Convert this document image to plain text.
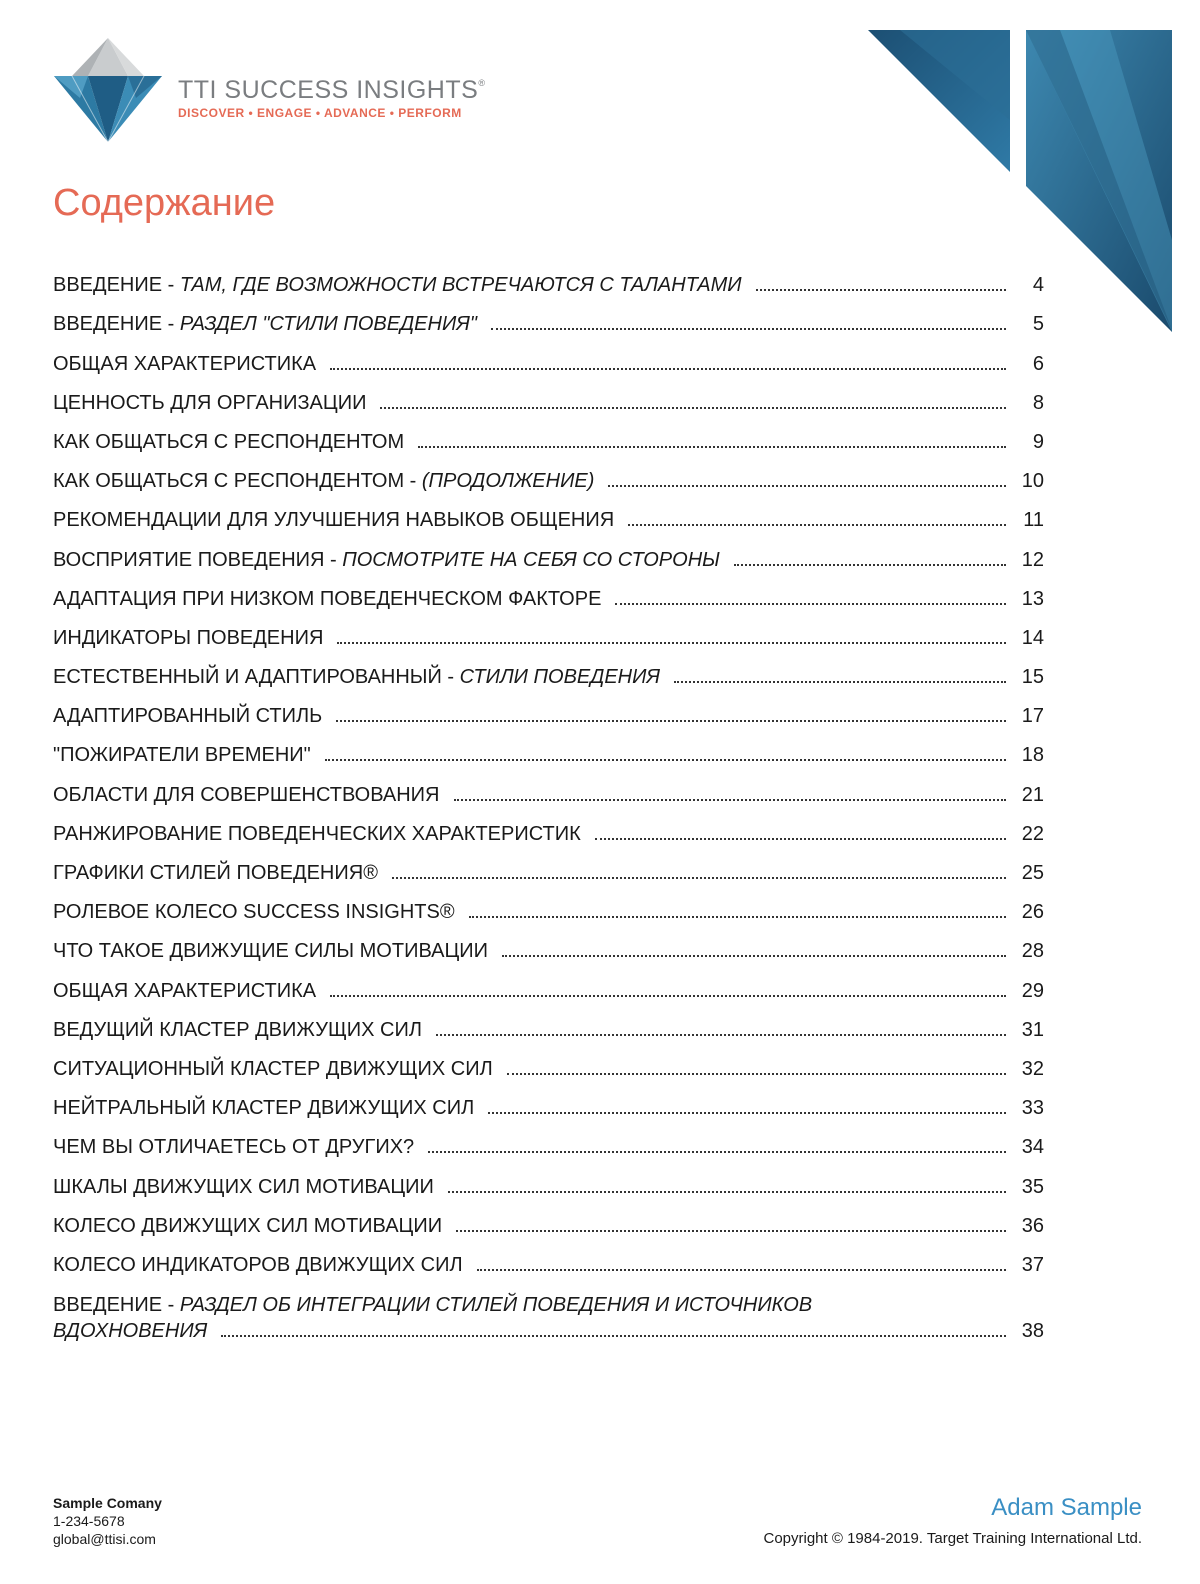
TTI SUCCESS INSIGHTS®
DISCOVER • ENGAGE • ADVANCE • PERFORM
Содержание
ВВЕДЕНИЕ - ТАМ, ГДЕ ВОЗМОЖНОСТИ ВСТРЕЧАЮТСЯ С ТАЛАНТАМИ	4
ВВЕДЕНИЕ - РАЗДЕЛ "СТИЛИ ПОВЕДЕНИЯ"	5
ОБЩАЯ ХАРАКТЕРИСТИКА	6
ЦЕННОСТЬ ДЛЯ ОРГАНИЗАЦИИ	8
КАК ОБЩАТЬСЯ С РЕСПОНДЕНТОМ	9
КАК ОБЩАТЬСЯ С РЕСПОНДЕНТОМ - (ПРОДОЛЖЕНИЕ)	10
РЕКОМЕНДАЦИИ ДЛЯ УЛУЧШЕНИЯ НАВЫКОВ ОБЩЕНИЯ	11
ВОСПРИЯТИЕ ПОВЕДЕНИЯ - ПОСМОТРИТЕ НА СЕБЯ СО СТОРОНЫ	12
АДАПТАЦИЯ ПРИ НИЗКОМ ПОВЕДЕНЧЕСКОМ ФАКТОРЕ	13
ИНДИКАТОРЫ ПОВЕДЕНИЯ	14
ЕСТЕСТВЕННЫЙ И АДАПТИРОВАННЫЙ - СТИЛИ ПОВЕДЕНИЯ	15
АДАПТИРОВАННЫЙ СТИЛЬ	17
"ПОЖИРАТЕЛИ ВРЕМЕНИ"	18
ОБЛАСТИ ДЛЯ СОВЕРШЕНСТВОВАНИЯ	21
РАНЖИРОВАНИЕ ПОВЕДЕНЧЕСКИХ ХАРАКТЕРИСТИК	22
ГРАФИКИ СТИЛЕЙ ПОВЕДЕНИЯ®	25
РОЛЕВОЕ КОЛЕСО SUCCESS INSIGHTS®	26
ЧТО ТАКОЕ ДВИЖУЩИЕ СИЛЫ МОТИВАЦИИ	28
ОБЩАЯ ХАРАКТЕРИСТИКА	29
ВЕДУЩИЙ КЛАСТЕР ДВИЖУЩИХ СИЛ	31
СИТУАЦИОННЫЙ КЛАСТЕР ДВИЖУЩИХ СИЛ	32
НЕЙТРАЛЬНЫЙ КЛАСТЕР ДВИЖУЩИХ СИЛ	33
ЧЕМ ВЫ ОТЛИЧАЕТЕСЬ ОТ ДРУГИХ?	34
ШКАЛЫ ДВИЖУЩИХ СИЛ МОТИВАЦИИ	35
КОЛЕСО ДВИЖУЩИХ СИЛ МОТИВАЦИИ	36
КОЛЕСО ИНДИКАТОРОВ ДВИЖУЩИХ СИЛ	37
ВВЕДЕНИЕ - РАЗДЕЛ ОБ ИНТЕГРАЦИИ СТИЛЕЙ ПОВЕДЕНИЯ И ИСТОЧНИКОВ
ВДОХНОВЕНИЯ	38
Sample Comany
1-234-5678
global@ttisi.com
Adam Sample
Copyright © 1984-2019. Target Training International Ltd.
